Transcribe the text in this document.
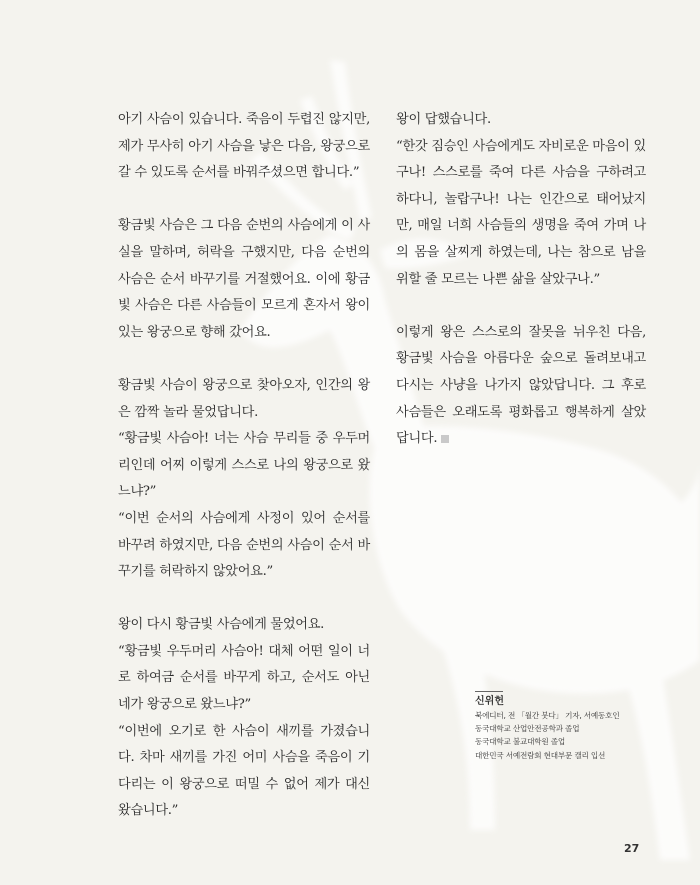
아기 사슴이 있습니다. 죽음이 두렵진 않지만, 제가 무사히 아기 사슴을 낳은 다음, 왕궁으로 갈 수 있도록 순서를 바꿔주셨으면 합니다.”

황금빛 사슴은 그 다음 순번의 사슴에게 이 사실을 말하며, 허락을 구했지만, 다음 순번의 사슴은 순서 바꾸기를 거절했어요. 이에 황금빛 사슴은 다른 사슴들이 모르게 혼자서 왕이 있는 왕궁으로 향해 갔어요.

황금빛 사슴이 왕궁으로 찾아오자, 인간의 왕은 깜짝 놀라 물었답니다.

“황금빛 사슴아! 너는 사슴 무리들 중 우두머리인데 어찌 이렇게 스스로 나의 왕궁으로 왔느냐?”

“이번 순서의 사슴에게 사정이 있어 순서를 바꾸려 하였지만, 다음 순번의 사슴이 순서 바꾸기를 허락하지 않았어요.”

왕이 다시 황금빛 사슴에게 물었어요.

“황금빛 우두머리 사슴아! 대체 어떤 일이 너로 하여금 순서를 바꾸게 하고, 순서도 아닌 네가 왕궁으로 왔느냐?”

“이번에 오기로 한 사슴이 새끼를 가졌습니다. 차마 새끼를 가진 어미 사슴을 죽음이 기다리는 이 왕궁으로 떠밀 수 없어 제가 대신 왔습니다.”

왕이 답했습니다.

“한갓 짐승인 사슴에게도 자비로운 마음이 있구나! 스스로를 죽여 다른 사슴을 구하려고 하다니, 놀랍구나! 나는 인간으로 태어났지만, 매일 너희 사슴들의 생명을 죽여 가며 나의 몸을 살찌게 하였는데, 나는 참으로 남을 위할 줄 모르는 나쁜 삶을 살았구나.”

이렇게 왕은 스스로의 잘못을 뉘우친 다음, 황금빛 사슴을 아름다운 숲으로 돌려보내고 다시는 사냥을 나가지 않았답니다. 그 후로 사슴들은 오래도록 평화롭고 행복하게 살았답니다.

신위헌
북에디터, 전 「월간 붓다」 기자, 서예동호인
동국대학교 산업안전공학과 졸업
동국대학교 불교대학원 졸업
대한민국 서예전람회 현대부문 캘리 입선
27
